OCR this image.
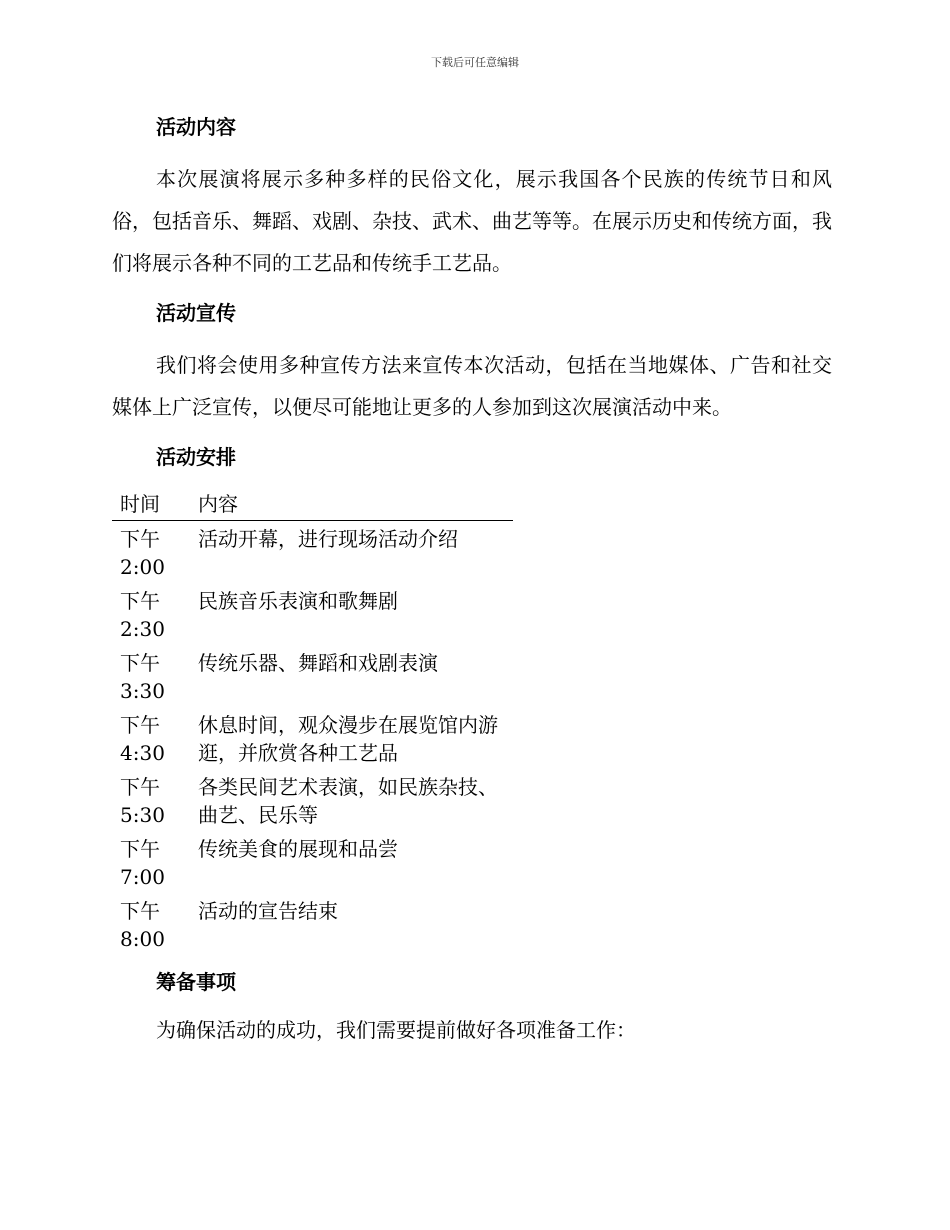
下载后可任意编辑
活动内容

本次展演将展示多种多样的民俗文化，展示我国各个民族的传统节日和风俗，包括音乐、舞蹈、戏剧、杂技、武术、曲艺等等。在展示历史和传统方面，我们将展示各种不同的工艺品和传统手工艺品。

活动宣传

我们将会使用多种宣传方法来宣传本次活动，包括在当地媒体、广告和社交媒体上广泛宣传，以便尽可能地让更多的人参加到这次展演活动中来。

活动安排
时间	内容

下午
2:00	活动开幕，进行现场活动介绍

下午
2:30	民族音乐表演和歌舞剧

下午
3:30	传统乐器、舞蹈和戏剧表演

下午
4:30	休息时间，观众漫步在展览馆内游逛，并欣赏各种工艺品

下午
5:30	各类民间艺术表演，如民族杂技、曲艺、民乐等

下午
7:00	传统美食的展现和品尝

下午
8:00	活动的宣告结束
筹备事项

为确保活动的成功，我们需要提前做好各项准备工作：
